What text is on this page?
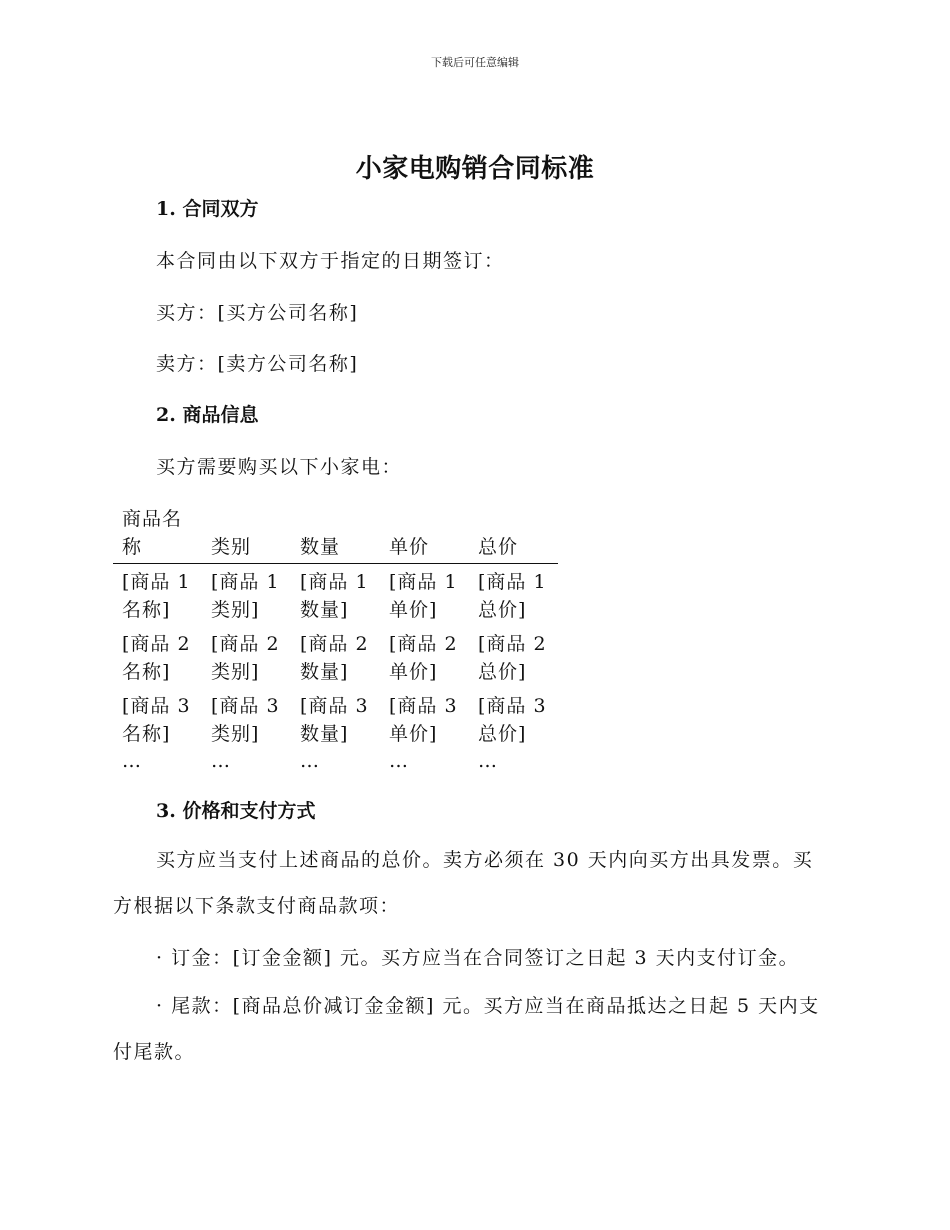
下载后可任意编辑
小家电购销合同标准
1. 合同双方
本合同由以下双方于指定的日期签订：
买方：[买方公司名称]
卖方：[卖方公司名称]
2. 商品信息
买方需要购买以下小家电：
商品名称	类别	数量	单价	总价

[商品 1 名称]	[商品 1 类别]	[商品 1 数量]	[商品 1 单价]	[商品 1 总价]

[商品 2 名称]	[商品 2 类别]	[商品 2 数量]	[商品 2 单价]	[商品 2 总价]

[商品 3 名称]	[商品 3 类别]	[商品 3 数量]	[商品 3 单价]	[商品 3 总价]

…	…	…	…	…
3. 价格和支付方式

买方应当支付上述商品的总价。卖方必须在 30 天内向买方出具发票。买方根据以下条款支付商品款项：

· 订金：[订金金额] 元。买方应当在合同签订之日起 3 天内支付订金。

· 尾款：[商品总价减订金金额] 元。买方应当在商品抵达之日起 5 天内支付尾款。
